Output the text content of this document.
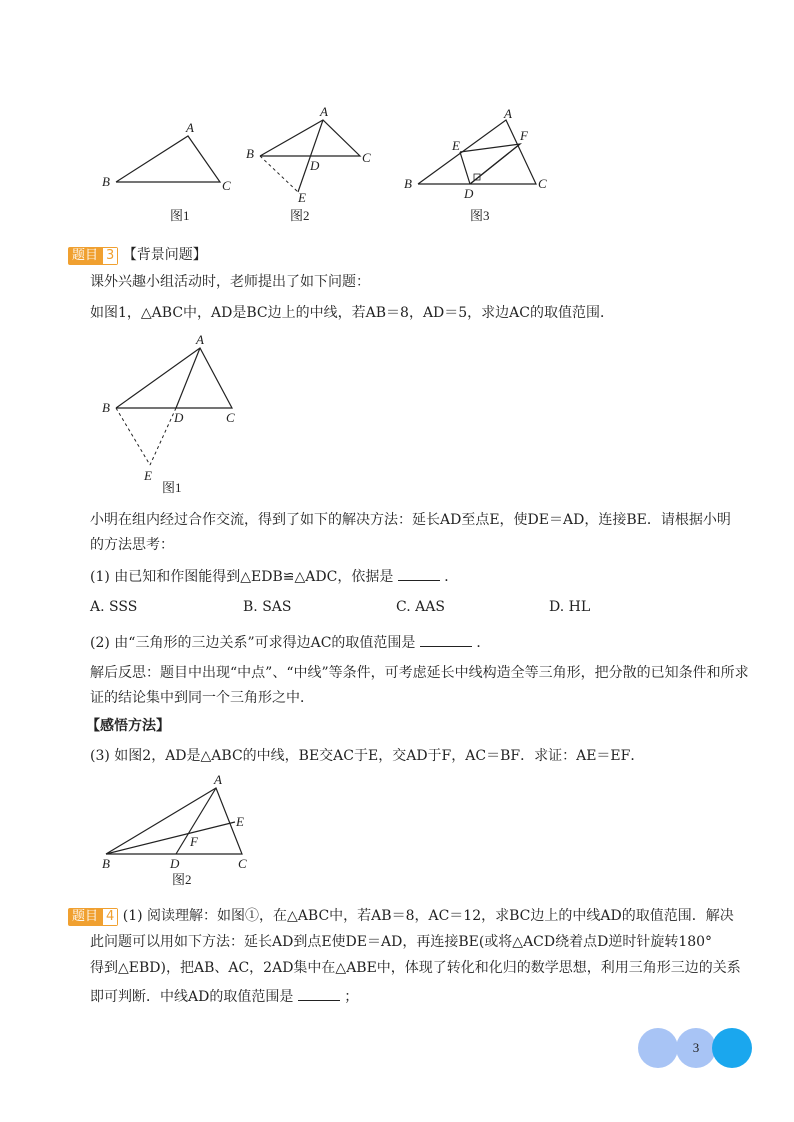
A
B	C
图1
A
B	C
D
E
图2
A
B	C
D
E
F
图3
题目 3 【背景问题】
课外兴趣小组活动时，老师提出了如下问题：
如图1，△ABC中，AD是BC边上的中线，若AB＝8，AD＝5，求边AC的取值范围．
A
B
D	C
E
图1
小明在组内经过合作交流，得到了如下的解决方法：延长AD至点E，使DE＝AD，连接BE．请根据小明
的方法思考：
(1) 由已知和作图能得到△EDB≌△ADC，依据是	．
A. SSS	B. SAS	C. AAS	D. HL
(2) 由“三角形的三边关系”可求得边AC的取值范围是	．
解后反思：题目中出现“中点”、“中线”等条件，可考虑延长中线构造全等三角形，把分散的已知条件和所求
证的结论集中到同一个三角形之中．
【感悟方法】
(3) 如图2，AD是△ABC的中线，BE交AC于E，交AD于F，AC＝BF．求证：AE＝EF．
A
E
F
B	D	C
图2
题目 4 (1) 阅读理解：如图①，在△ABC中，若AB＝8，AC＝12，求BC边上的中线AD的取值范围．解决
此问题可以用如下方法：延长AD到点E使DE＝AD，再连接BE(或将△ACD绕着点D逆时针旋转180°
得到△EBD)，把AB、AC，2AD集中在△ABE中，体现了转化和化归的数学思想，利用三角形三边的关系
即可判断．中线AD的取值范围是	；
3
